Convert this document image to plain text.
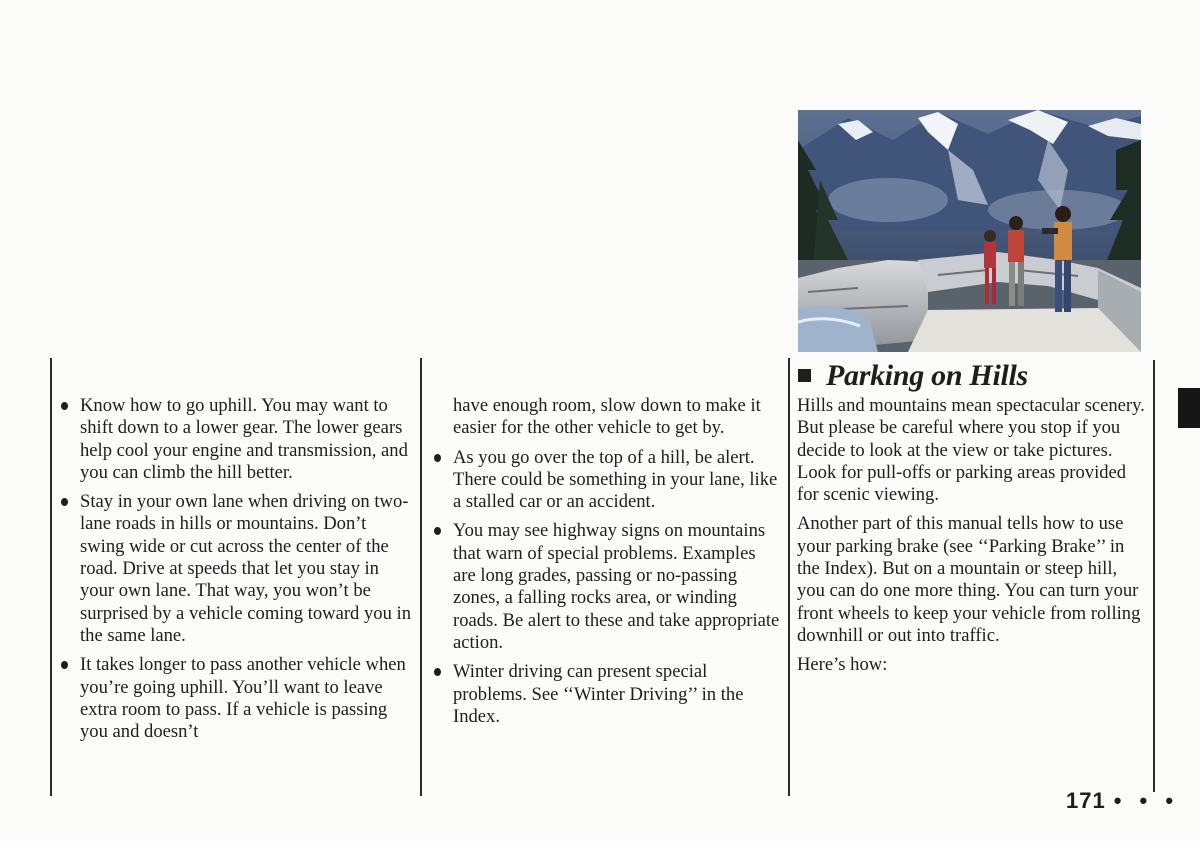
Know how to go uphill. You may want to shift down to a lower gear. The lower gears help cool your engine and transmission, and you can climb the hill better.
Stay in your own lane when driving on two-lane roads in hills or mountains. Don’t swing wide or cut across the center of the road. Drive at speeds that let you stay in your own lane. That way, you won’t be surprised by a vehicle coming toward you in the same lane.
It takes longer to pass another vehicle when you’re going uphill. You’ll want to leave extra room to pass. If a vehicle is passing you and doesn’t
have enough room, slow down to make it easier for the other vehicle to get by.
As you go over the top of a hill, be alert. There could be something in your lane, like a stalled car or an accident.
You may see highway signs on mountains that warn of special problems. Examples are long grades, passing or no-passing zones, a falling rocks area, or winding roads. Be alert to these and take appropriate action.
Winter driving can present special problems. See ‘‘Winter Driving’’ in the Index.
Parking on Hills

Hills and mountains mean spectacular scenery. But please be careful where you stop if you decide to look at the view or take pictures. Look for pull-offs or parking areas provided for scenic viewing.

Another part of this manual tells how to use your parking brake (see ‘‘Parking Brake’’ in the Index). But on a mountain or steep hill, you can do one more thing. You can turn your front wheels to keep your vehicle from rolling downhill or out into traffic.

Here’s how:

171 • • •
